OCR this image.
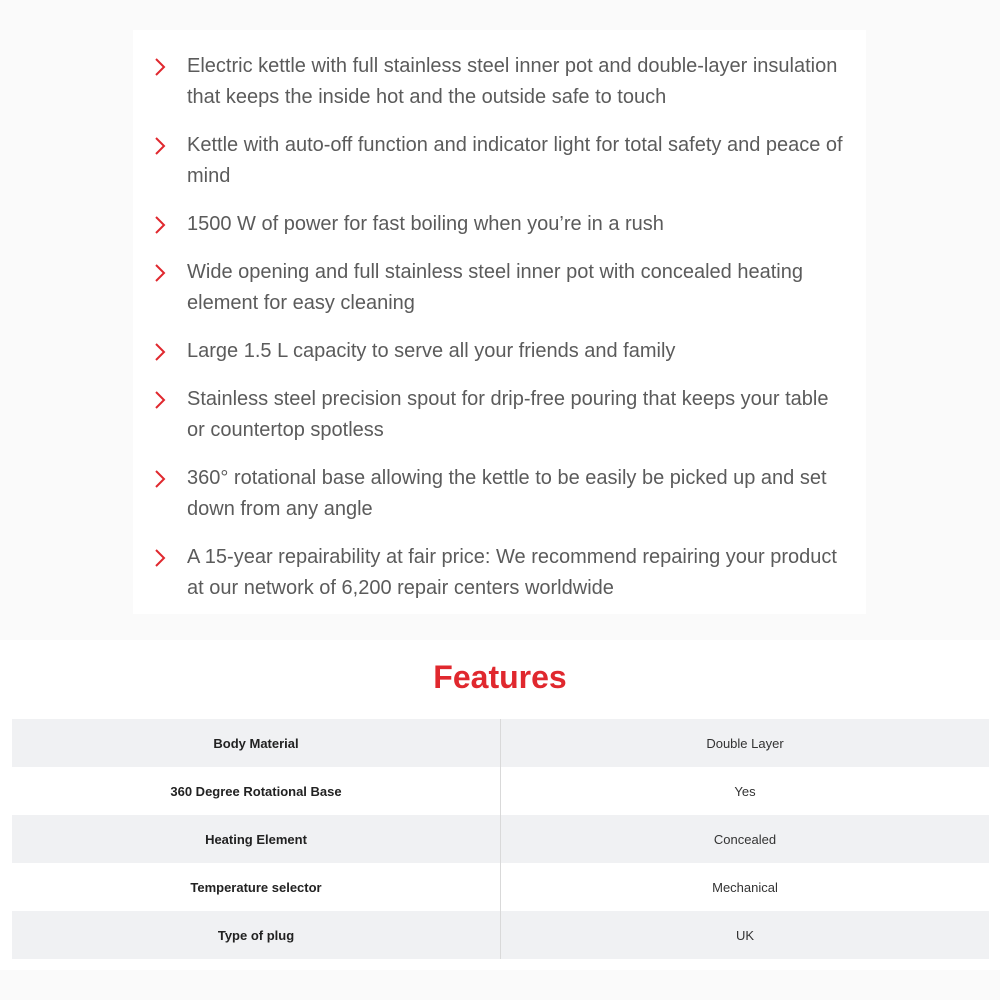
Electric kettle with full stainless steel inner pot and double-layer insulation that keeps the inside hot and the outside safe to touch
Kettle with auto-off function and indicator light for total safety and peace of mind
1500 W of power for fast boiling when you’re in a rush
Wide opening and full stainless steel inner pot with concealed heating element for easy cleaning
Large 1.5 L capacity to serve all your friends and family
Stainless steel precision spout for drip-free pouring that keeps your table or countertop spotless
360° rotational base allowing the kettle to be easily be picked up and set down from any angle
A 15-year repairability at fair price: We recommend repairing your product at our network of 6,200 repair centers worldwide
Features
Body Material	Double Layer
360 Degree Rotational Base	Yes
Heating Element	Concealed
Temperature selector	Mechanical
Type of plug	UK
